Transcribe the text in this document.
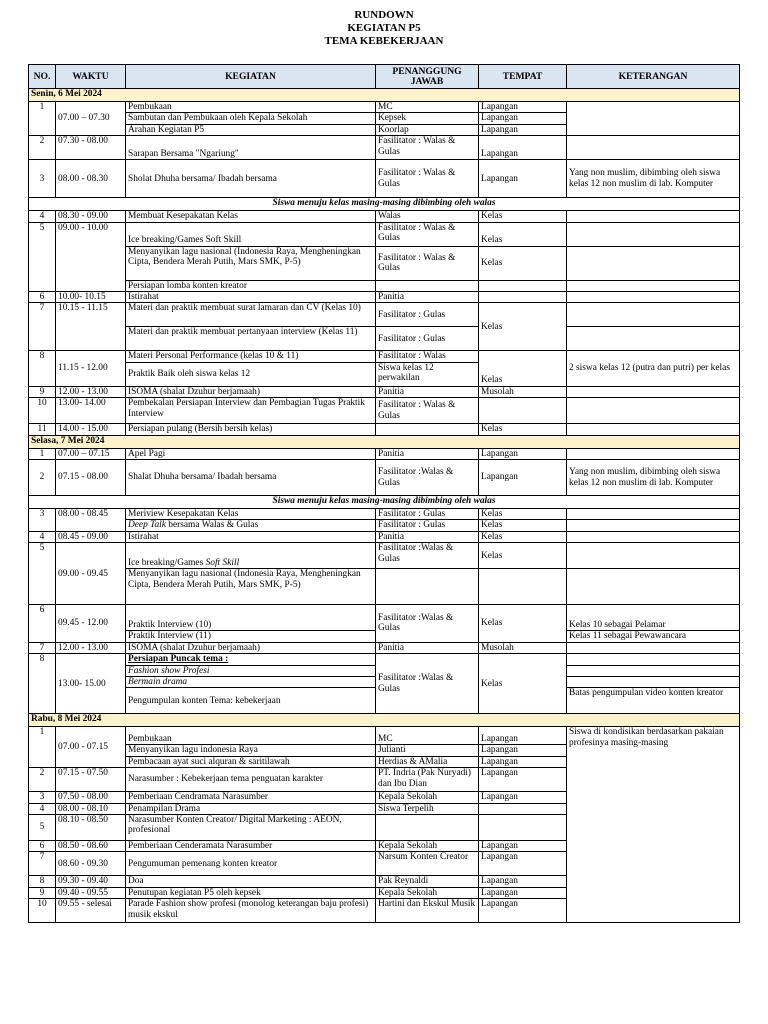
RUNDOWN
KEGIATAN P5
TEMA KEBEKERJAAN
NO.	WAKTU	KEGIATAN	PENANGGUNG JAWAB	TEMPAT	KETERANGAN
Senin, 6 Mei 2024					
1	07.00 – 07.30	Pembukaan	MC	Lapangan	
		Sambutan dan Pembukaan oleh Kepala Sekolah	Kepsek	Lapangan	
		Arahan Kegiatan P5	Koorlap	Lapangan	
2	07.30 - 08.00	Sarapan Bersama "Ngariung"	Fasilitator : Walas & Gulas	Lapangan	
3	08.00 - 08.30	Sholat Dhuha bersama/ Ibadah bersama	Fasilitator : Walas & Gulas	Lapangan	Yang non muslim, dibimbing oleh siswa kelas 12 non muslim di lab. Komputer
Siswa menuju kelas masing-masing dibimbing oleh walas					
4	08.30 - 09.00	Membuat Kesepakatan Kelas	Walas	Kelas	
5	09.00 - 10.00	Ice breaking/Games Soft Skill	Fasilitator : Walas & Gulas	Kelas	
		Menyanyikan lagu nasional (Indonesia Raya, Mengheningkan Cipta, Bendera Merah Putih, Mars SMK, P-5)	Fasilitator : Walas & Gulas	Kelas	
		Persiapan lomba konten kreator			
6	10.00- 10.15	Istirahat	Panitia		
7	10.15 - 11.15	Materi dan praktik membuat surat lamaran dan CV (Kelas 10)	Fasilitator : Gulas	Kelas	
		Materi dan praktik membuat pertanyaan interview (Kelas 11)	Fasilitator : Gulas		
8	11.15 - 12.00	Materi Personal Performance (kelas 10 & 11)	Fasilitator : Walas	Kelas	2 siswa kelas 12 (putra dan putri) per kelas
		Praktik Baik oleh siswa kelas 12	Siswa kelas 12 perwakilan		
9	12.00 - 13.00	ISOMA (shalat Dzuhur berjamaah)	Panitia	Musolah	
10	13.00- 14.00	Pembekalan Persiapan Interview dan Pembagian Tugas Praktik Interview	Fasilitator : Walas & Gulas		
11	14.00 - 15.00	Persiapan pulang (Bersih bersih kelas)		Kelas	
Selasa, 7 Mei 2024					
1	07.00 – 07.15	Apel Pagi	Panitia	Lapangan	
2	07.15 - 08.00	Shalat Dhuha bersama/ Ibadah bersama	Fasilitator :Walas & Gulas	Lapangan	Yang non muslim, dibimbing oleh siswa kelas 12 non muslim di lab. Komputer
Siswa menuju kelas masing-masing dibimbing oleh walas					
3	08.00 - 08.45	Meriview Kesepakatan Kelas	Fasilitator : Gulas	Kelas	
		Deep Talk bersama Walas & Gulas	Fasilitator : Gulas	Kelas	
4	08.45 - 09.00	Istirahat	Panitia	Kelas	
5	09.00 - 09.45	Ice breaking/Games Soft Skill	Fasilitator :Walas & Gulas	Kelas	
		Menyanyikan lagu nasional (Indonesia Raya, Mengheningkan Cipta, Bendera Merah Putih, Mars SMK, P-5)			
6	09.45 - 12.00	Praktik Interview (10)	Fasilitator :Walas & Gulas	Kelas	Kelas 10 sebagai Pelamar
		Praktik Interview (11)			Kelas 11 sebagai Pewawancara
7	12.00 - 13.00	ISOMA (shalat Dzuhur berjamaah)	Panitia	Musolah	
8	13.00- 15.00	Persiapan Puncak tema :	Fasilitator :Walas & Gulas	Kelas	
		Fashion show Profesi			
		Bermain drama			
		Pengumpulan konten Tema: kebekerjaan			Batas pengumpulan video konten kreator
Rabu, 8 Mei 2024					
1	07.00 - 07.15	Pembukaan	MC	Lapangan	Siswa di kondisikan berdasarkan pakaian profesinya masing-masing
		Menyanyikan lagu indonesia Raya	Julianti	Lapangan	
		Pembacaan ayat suci alquran & saritilawah	Herdias & AMalia	Lapangan	
2	07.15 - 07.50	Narasumber : Kebekerjaan tema penguatan karakter	PT. Indria (Pak Nuryadi) dan Ibu Dian	Lapangan	
3	07.50 - 08.00	Pemberiaan Cendramata Narasumber	Kepala Sekolah	Lapangan	
4	08.00 - 08.10	Penampilan Drama	Siswa Terpelih		
5	08.10 - 08.50	Narasumber Konten Creator/ Digital Marketing : AEON, profesional			
6	08.50 - 08.60	Pemberiaan Cenderamata Narasumber	Kepala Sekolah	Lapangan	
7	08.60 - 09.30	Pengumuman pemenang konten kreator	Narsum Konten Creator	Lapangan	
8	09.30 - 09.40	Doa	Pak Reynaldi	Lapangan	
9	09.40 - 09.55	Penutupan kegiatan P5 oleh kepsek	Kepala Sekolah	Lapangan	
10	09.55 - selesai	Parade Fashion show profesi (monolog keterangan baju profesi) musik ekskul	Hartini dan Ekskul Musik	Lapangan	
